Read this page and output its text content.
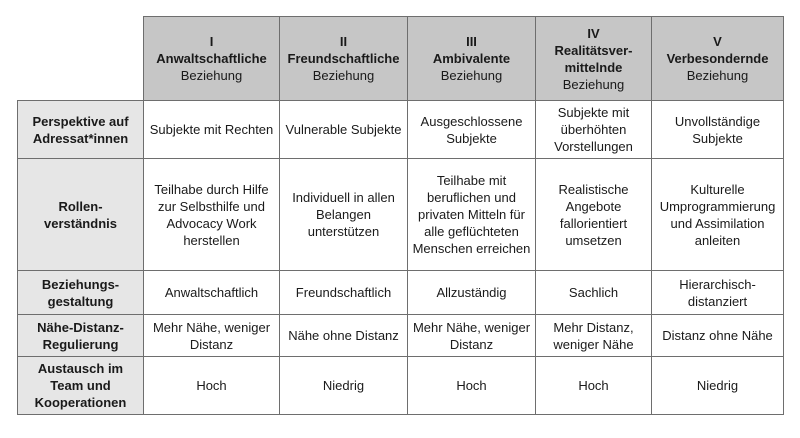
	I
Anwaltschaftliche
Beziehung	II
Freundschaftliche
Beziehung	III
Ambivalente
Beziehung	IV
Realitätsver-
mittelnde
Beziehung	V
Verbesondernde
Beziehung

Perspektive auf Adressat*innen	Subjekte mit Rechten	Vulnerable Subjekte	Ausgeschlossene Subjekte	Subjekte mit überhöhten Vorstellungen	Unvollständige Subjekte
Rollen-verständnis	Teilhabe durch Hilfe zur Selbsthilfe und Advocacy Work herstellen	Individuell in allen Belangen unterstützen	Teilhabe mit beruflichen und privaten Mitteln für alle geflüchteten Menschen erreichen	Realistische Angebote fallorientiert umsetzen	Kulturelle Umprogrammierung und Assimilation anleiten
Beziehungs-gestaltung	Anwaltschaftlich	Freundschaftlich	Allzuständig	Sachlich	Hierarchisch-distanziert
Nähe-Distanz-Regulierung	Mehr Nähe, weniger Distanz	Nähe ohne Distanz	Mehr Nähe, weniger Distanz	Mehr Distanz, weniger Nähe	Distanz ohne Nähe
Austausch im Team und Kooperationen	Hoch	Niedrig	Hoch	Hoch	Niedrig
